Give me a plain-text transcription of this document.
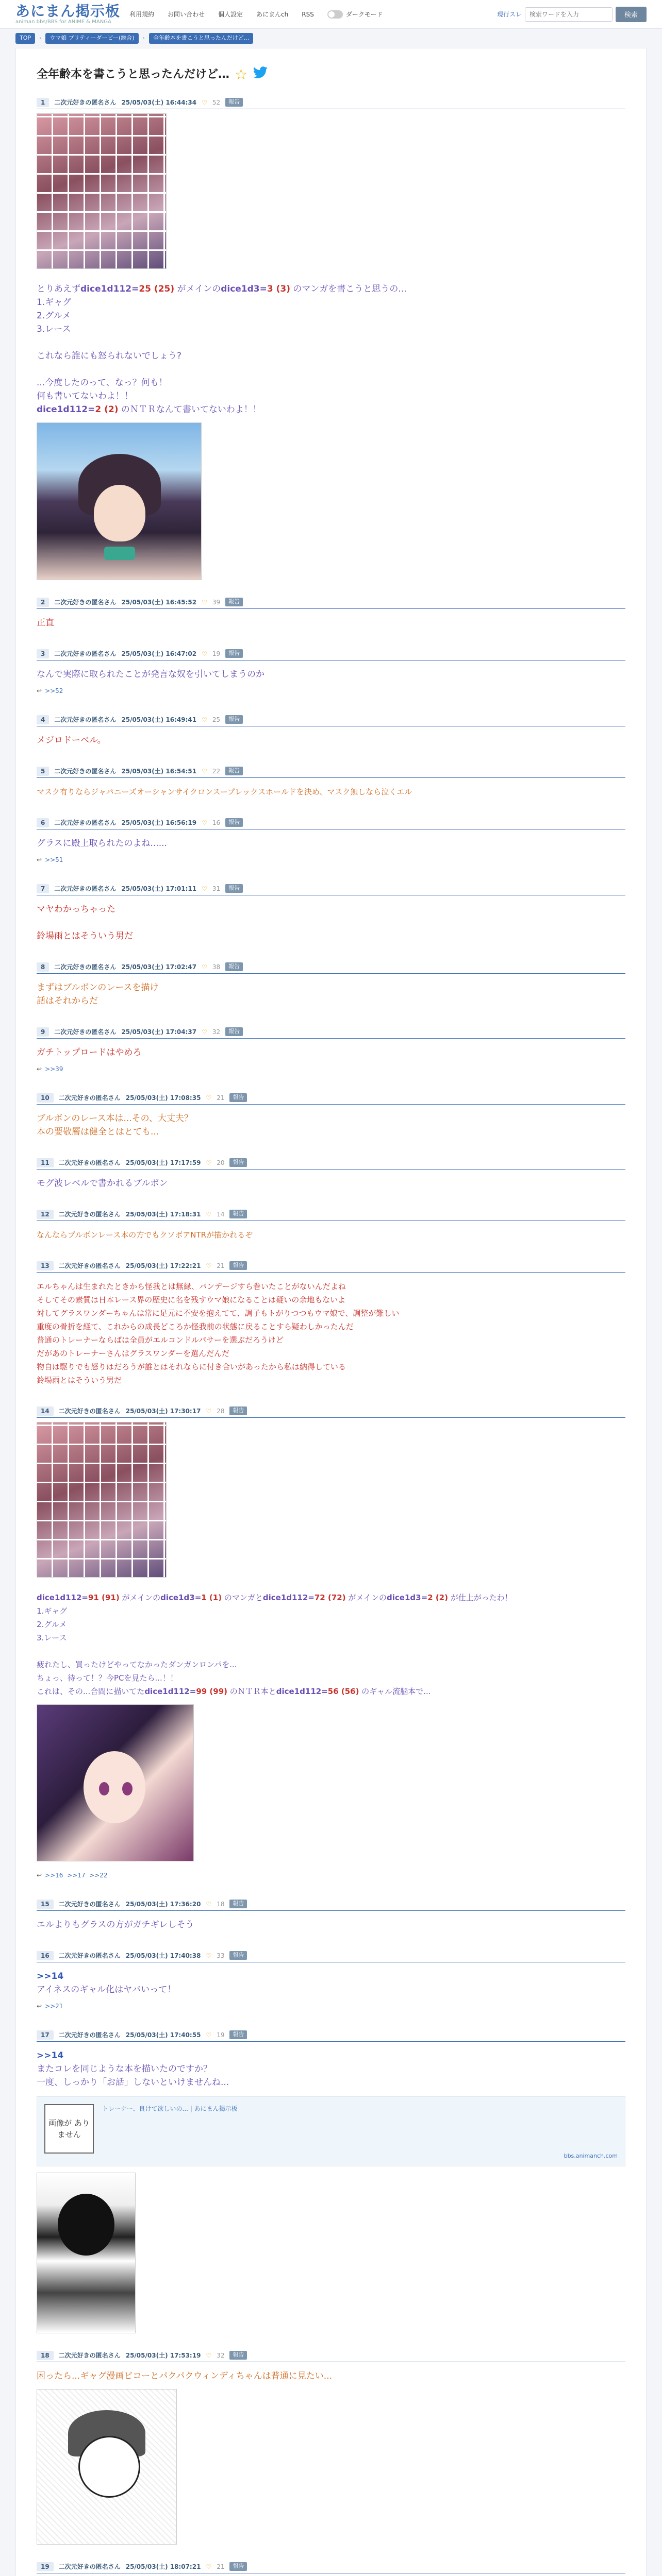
あにまん掲示板
animan bbs/BBS for ANIME & MANGA
利用規約 お問い合わせ 個人設定 あにまんch RSS	ダークモード	現行スレ
検索ワードを入力	検索
TOP	›	ウマ娘 プリティーダービー(総合)	›	全年齢本を書こうと思ったんだけど...
全年齢本を書こうと思ったんだけど… ☆
1	二次元好きの匿名さん 25/05/03(土) 16:44:34 ♡ 52	報告
とりあえずdice1d112=25 (25) がメインのdice1d3=3 (3) のマンガを書こうと思うの...
1.ギャグ
2.グルメ
3.レース
これなら誰にも怒られないでしょう?
...今度したのって、なっ？何も！
何も書いてないわよ！！
dice1d112=2 (2) のＮＴＲなんて書いてないわよ！！
2	二次元好きの匿名さん 25/05/03(土) 16:45:52 ♡ 39	報告
正直
3	二次元好きの匿名さん 25/05/03(土) 16:47:02 ♡ 19	報告
なんで実際に取られたことが発言な奴を引いてしまうのか
↩ >>52
4	二次元好きの匿名さん 25/05/03(土) 16:49:41 ♡ 25	報告
メジロドーベル。
5	二次元好きの匿名さん 25/05/03(土) 16:54:51 ♡ 22	報告
マスク有りならジャパニーズオーシャンサイクロンスープレックスホールドを決め、マスク無しなら泣くエル
6	二次元好きの匿名さん 25/05/03(土) 16:56:19 ♡ 16	報告
グラスに殿上取られたのよね......
↩ >>51
7	二次元好きの匿名さん 25/05/03(土) 17:01:11 ♡ 31	報告
マヤわかっちゃった
鈴場雨とはそういう男だ
8	二次元好きの匿名さん 25/05/03(土) 17:02:47 ♡ 38	報告
まずはブルボンのレースを描け
話はそれからだ
9	二次元好きの匿名さん 25/05/03(土) 17:04:37 ♡ 32	報告
ガチトップロードはやめろ
↩ >>39
10	二次元好きの匿名さん 25/05/03(土) 17:08:35 ♡ 21	報告
ブルボンのレース本は...その、大丈夫？
本の要敬層は健全とはとても...
11	二次元好きの匿名さん 25/05/03(土) 17:17:59 ♡ 20	報告
モグ波レベルで書かれるブルボン
12	二次元好きの匿名さん 25/05/03(土) 17:18:31 ♡ 14	報告
なんならブルボンレース本の方でもクソボアNTRが描かれるぞ
13	二次元好きの匿名さん 25/05/03(土) 17:22:21 ♡ 21	報告
エルちゃんは生まれたときから怪我とは無縁、バンデージすら巻いたことがないんだよね
そしてその素質は日本レース界の歴史に名を残すウマ娘になることは疑いの余地もないよ
対してグラスワンダーちゃんは常に足元に不安を抱えてて、調子もトがりつつもウマ娘で、調整が難しい
重度の骨折を経て、これからの成長どころか怪我前の状態に戻ることすら疑わしかったんだ
普通のトレーナーならばは全員がエルコンドルパサーを選ぶだろうけど
だがあのトレーナーさんはグラスワンダーを選んだんだ
物自は駆りでも怒りはだろうが誰とはそれならに付き合いがあったから私は納得している
鈴場雨とはそういう男だ
14	二次元好きの匿名さん 25/05/03(土) 17:30:17 ♡ 28	報告
dice1d112=91 (91) がメインのdice1d3=1 (1) のマンガとdice1d112=72 (72) がメインのdice1d3=2 (2) が仕上がったわ！
1.ギャグ
2.グルメ
3.レース
疲れたし、買ったけどやってなかったダンガンロンパを...
ちょっ、待って！？今PCを見たら...！！
これは、その...合間に描いてたdice1d112=99 (99) のＮＴＲ本とdice1d112=56 (56) のギャル流脳本で...
↩ >>16 >>17 >>22
15	二次元好きの匿名さん 25/05/03(土) 17:36:20 ♡ 18	報告
エルよりもグラスの方がガチギレしそう
16	二次元好きの匿名さん 25/05/03(土) 17:40:38 ♡ 33	報告
>>14
アイネスのギャル化はヤバいって！
↩ >>21
17	二次元好きの匿名さん 25/05/03(土) 17:40:55 ♡ 19	報告
>>14
またコレを同じような本を描いたのですか？
一度、しっかり「お話」しないといけませんね...
画像が ありません
トレーナー、良けて欲しいの... | あにまん掲示板
bbs.animanch.com
18	二次元好きの匿名さん 25/05/03(土) 17:53:19 ♡ 32	報告
困ったら...ギャグ漫画ビコーとパクパクウィンディちゃんは普通に見たい...
19	二次元好きの匿名さん 25/05/03(土) 18:07:21 ♡ 21	報告
